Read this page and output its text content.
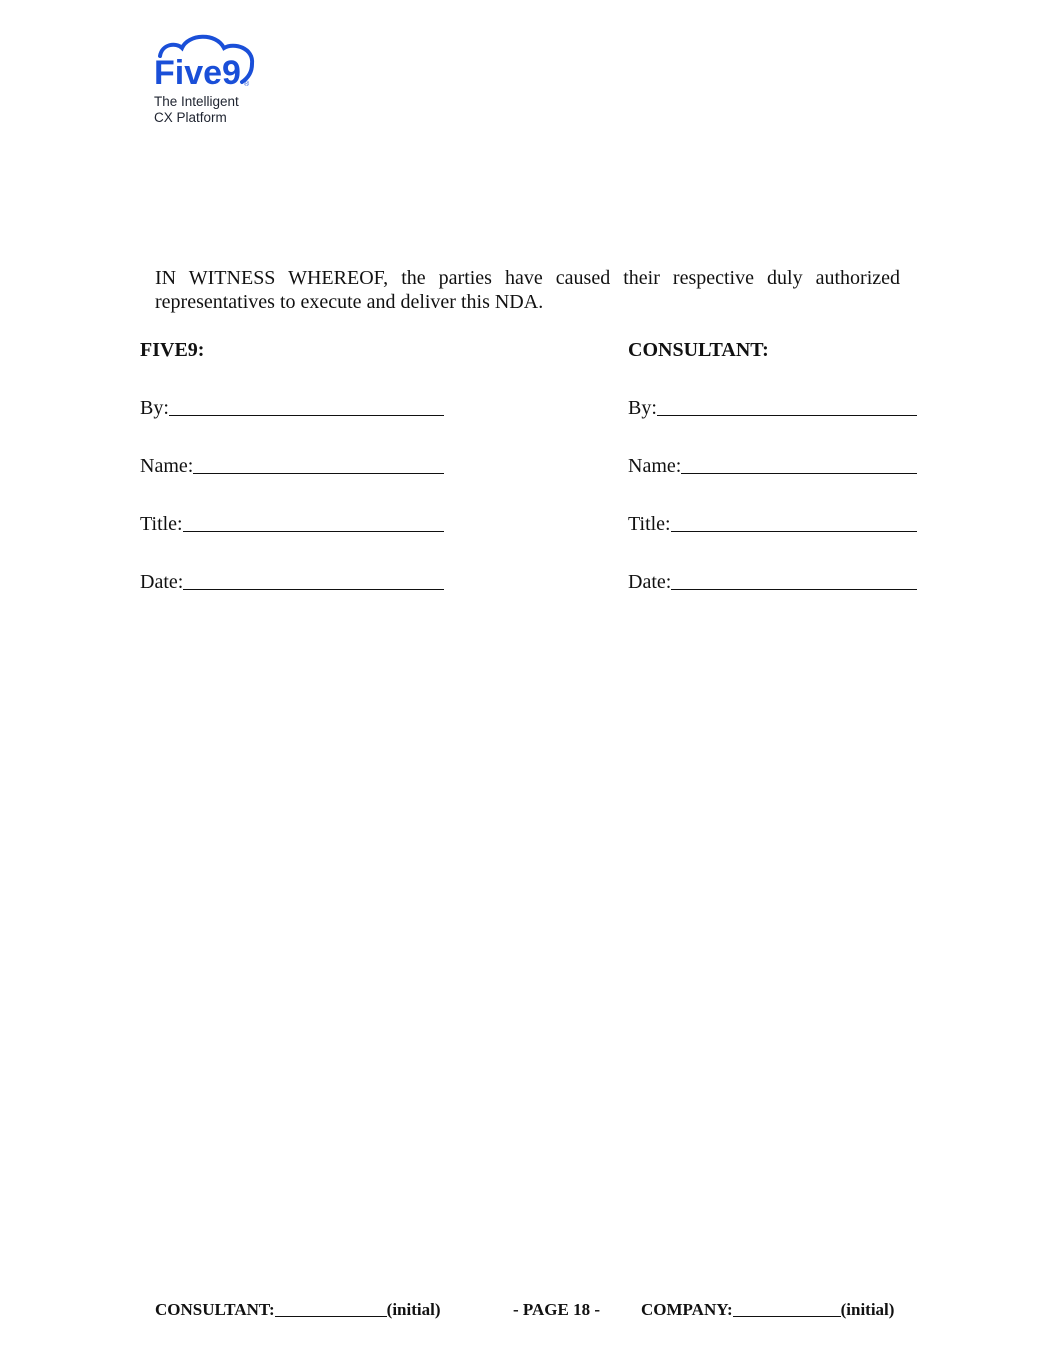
Five9 ®
The Intelligent
CX Platform

IN WITNESS WHEREOF, the parties have caused their respective duly authorized
representatives to execute and deliver this NDA.

FIVE9:
By:
Name:
Title:
Date:
CONSULTANT:
By:
Name:
Title:
Date:
CONSULTANT:	(initial)	- PAGE 18 - COMPANY:	(initial)
